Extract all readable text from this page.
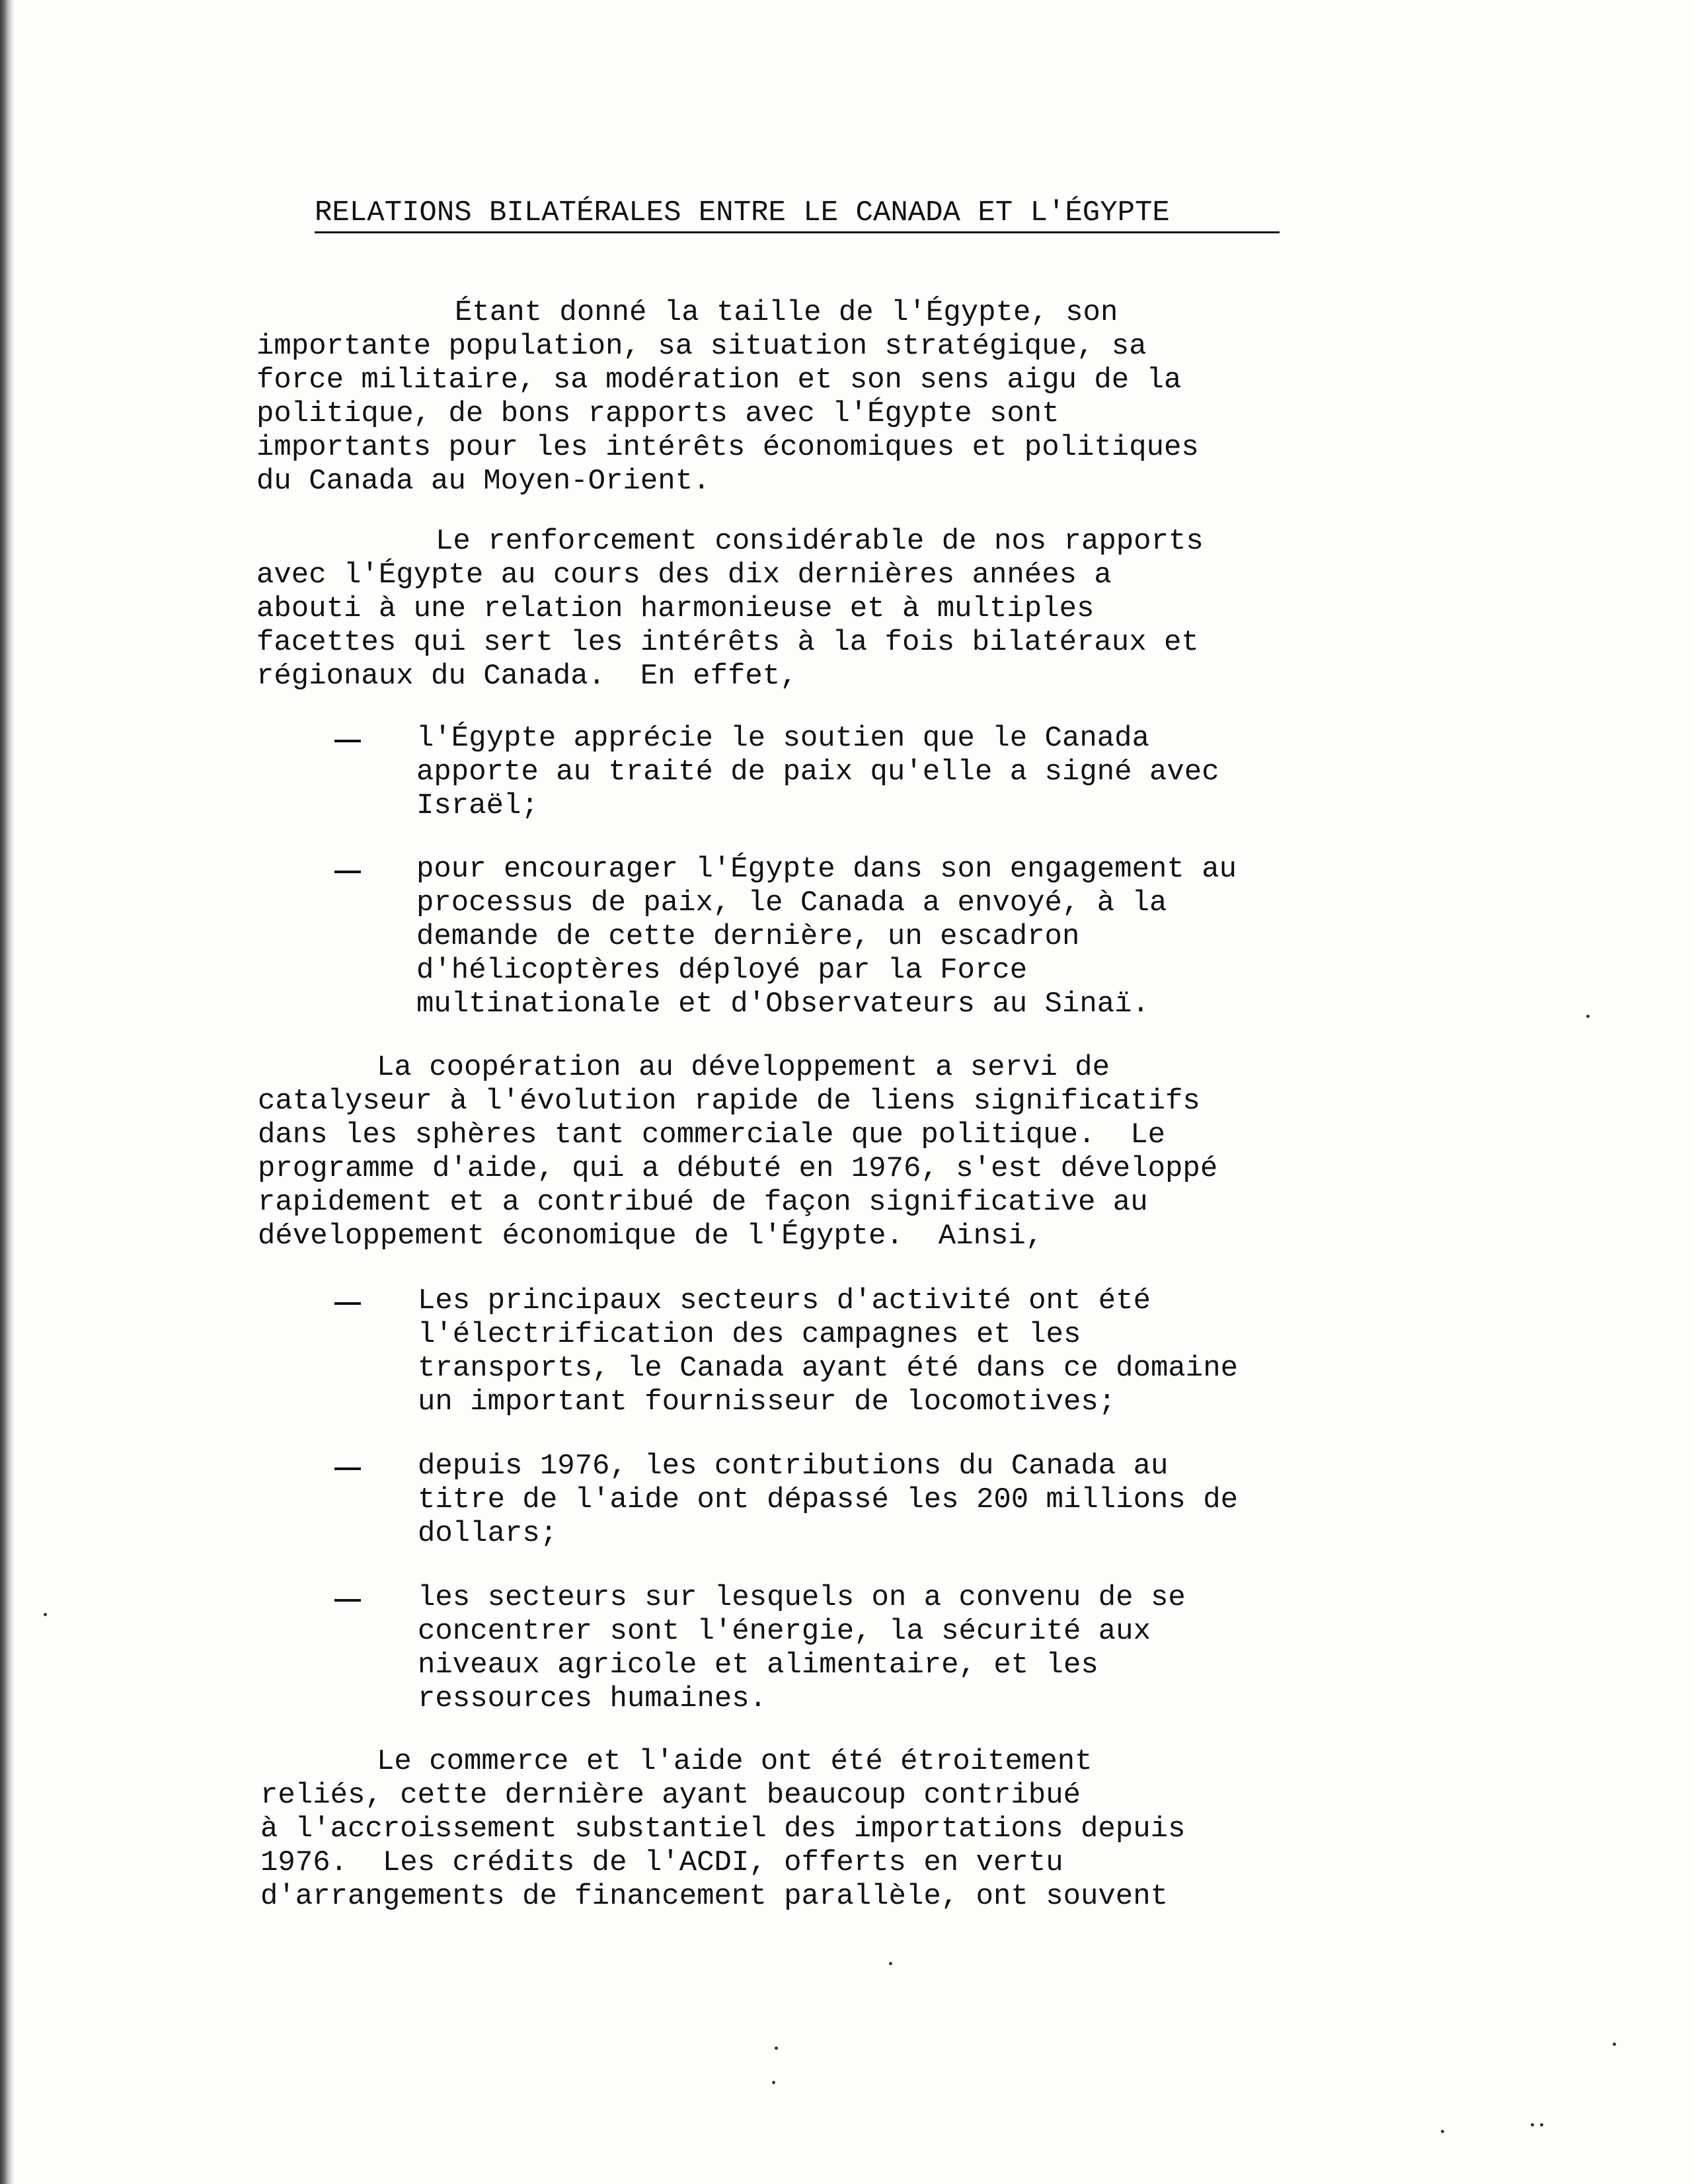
RELATIONS BILATÉRALES ENTRE LE CANADA ET L'ÉGYPTE
Étant donné la taille de l'Égypte, son
importante population, sa situation stratégique, sa
force militaire, sa modération et son sens aigu de la
politique, de bons rapports avec l'Égypte sont
importants pour les intérêts économiques et politiques
du Canada au Moyen-Orient.
Le renforcement considérable de nos rapports
avec l'Égypte au cours des dix dernières années a
abouti à une relation harmonieuse et à multiples
facettes qui sert les intérêts à la fois bilatéraux et
régionaux du Canada.  En effet,
l'Égypte apprécie le soutien que le Canada
apporte au traité de paix qu'elle a signé avec
Israël;
pour encourager l'Égypte dans son engagement au
processus de paix, le Canada a envoyé, à la
demande de cette dernière, un escadron
d'hélicoptères déployé par la Force
multinationale et d'Observateurs au Sinaï.
La coopération au développement a servi de
catalyseur à l'évolution rapide de liens significatifs
dans les sphères tant commerciale que politique.  Le
programme d'aide, qui a débuté en 1976, s'est développé
rapidement et a contribué de façon significative au
développement économique de l'Égypte.  Ainsi,
Les principaux secteurs d'activité ont été
l'électrification des campagnes et les
transports, le Canada ayant été dans ce domaine
un important fournisseur de locomotives;
depuis 1976, les contributions du Canada au
titre de l'aide ont dépassé les 200 millions de
dollars;
les secteurs sur lesquels on a convenu de se
concentrer sont l'énergie, la sécurité aux
niveaux agricole et alimentaire, et les
ressources humaines.
Le commerce et l'aide ont été étroitement
reliés, cette dernière ayant beaucoup contribué
à l'accroissement substantiel des importations depuis
1976.  Les crédits de l'ACDI, offerts en vertu
d'arrangements de financement parallèle, ont souvent
